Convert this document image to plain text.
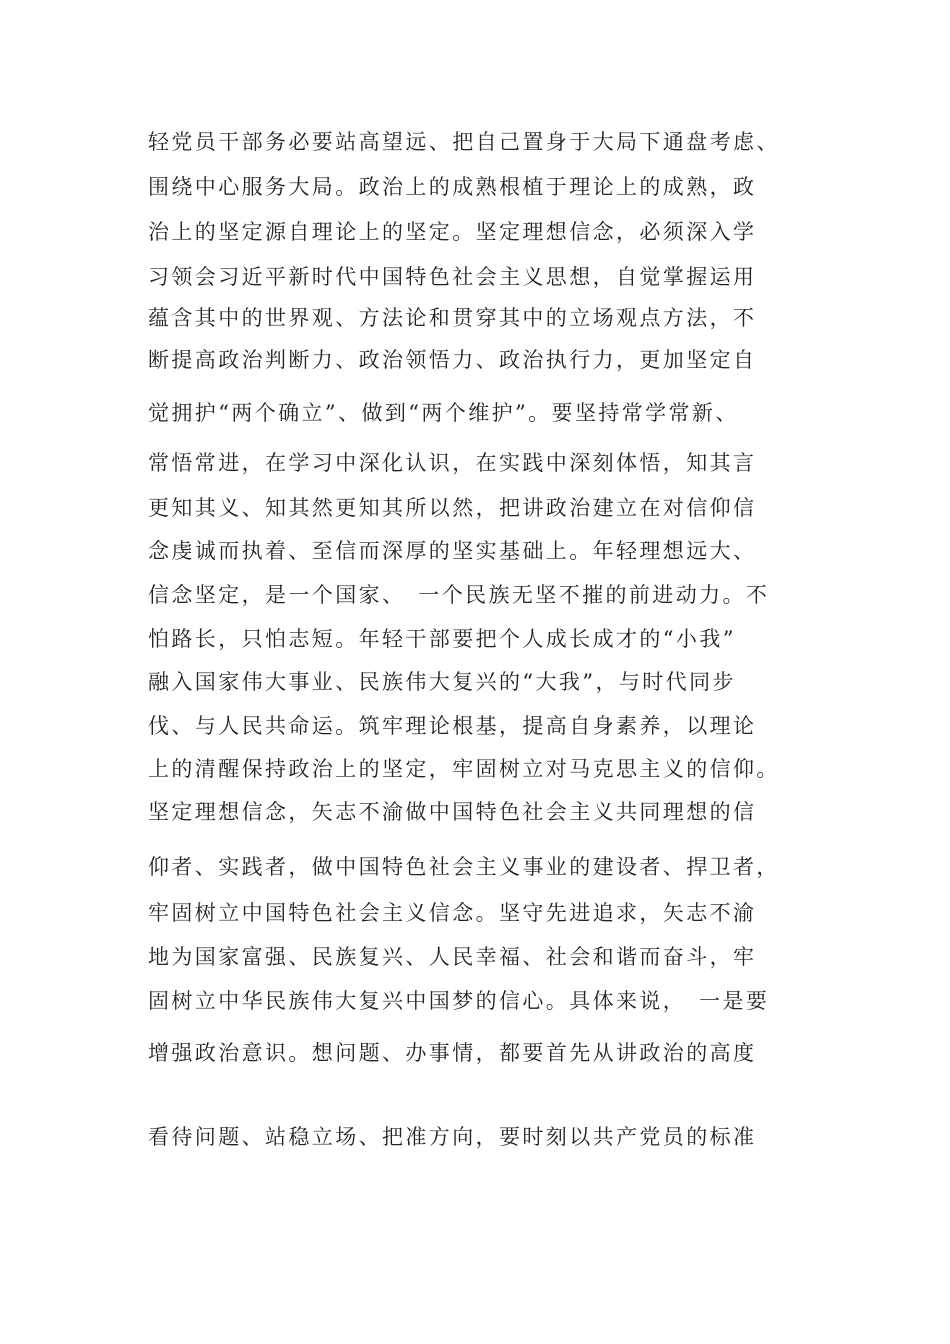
轻党员干部务必要站高望远、把自己置身于大局下通盘考虑、
围绕中心服务大局。政治上的成熟根植于理论上的成熟，政
治上的坚定源自理论上的坚定。坚定理想信念，必须深入学
习领会习近平新时代中国特色社会主义思想，自觉掌握运用
蕴含其中的世界观、方法论和贯穿其中的立场观点方法，不
断提高政治判断力、政治领悟力、政治执行力，更加坚定自
觉拥护“两个确立”、做到“两个维护”。要坚持常学常新、
常悟常进，在学习中深化认识，在实践中深刻体悟，知其言
更知其义、知其然更知其所以然，把讲政治建立在对信仰信
念虔诚而执着、至信而深厚的坚实基础上。年轻理想远大、
信念坚定，是一个国家、　一个民族无坚不摧的前进动力。不
怕路长，只怕志短。年轻干部要把个人成长成才的“小我”
融入国家伟大事业、民族伟大复兴的“大我”，与时代同步
伐、与人民共命运。筑牢理论根基，提高自身素养，以理论
上的清醒保持政治上的坚定，牢固树立对马克思主义的信仰。
坚定理想信念，矢志不渝做中国特色社会主义共同理想的信
仰者、实践者，做中国特色社会主义事业的建设者、捍卫者，
牢固树立中国特色社会主义信念。坚守先进追求，矢志不渝
地为国家富强、民族复兴、人民幸福、社会和谐而奋斗，牢
固树立中华民族伟大复兴中国梦的信心。具体来说，　一是要
增强政治意识。想问题、办事情，都要首先从讲政治的高度
看待问题、站稳立场、把准方向，要时刻以共产党员的标准
